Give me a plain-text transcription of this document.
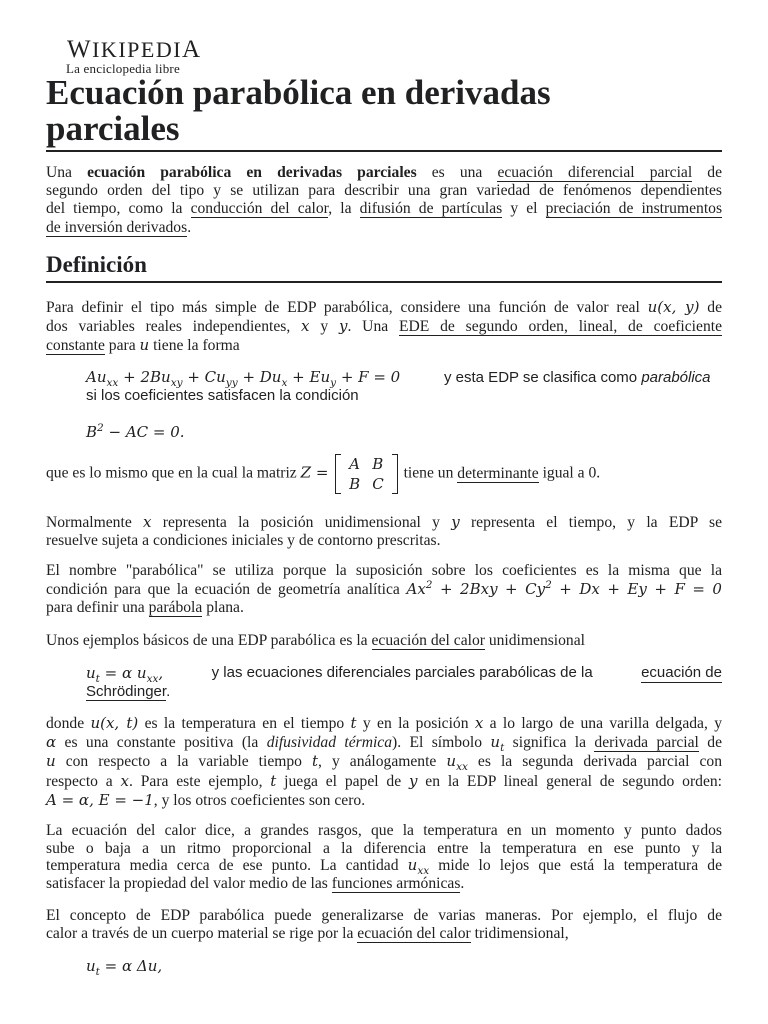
WIKIPEDIA
La enciclopedia libre
Ecuación parabólica en derivadas
parciales
Una ecuación parabólica en derivadas parciales es una ecuación diferencial parcial de
segundo orden del tipo y se utilizan para describir una gran variedad de fenómenos dependientes
del tiempo, como la conducción del calor, la difusión de partículas y el preciación de instrumentos
de inversión derivados.
Definición
Para definir el tipo más simple de EDP parabólica, considere una función de valor real u(x, y) de
dos variables reales independientes, x y y. Una EDE de segundo orden, lineal, de coeficiente
constante para u tiene la forma
$Au_{xx} + 2Bu_{xy} + Cu_{yy} + Du_x + Eu_y + F = 0$	y esta EDP se clasifica como parabólica
si los coeficientes satisfacen la condición
$B^2$ − AC = 0.
que es lo mismo que en la cual la matriz Z = A	B
B	C
tiene un determinante igual a 0.
Normalmente x representa la posición unidimensional y y representa el tiempo, y la EDP se
resuelve sujeta a condiciones iniciales y de contorno prescritas.
El nombre "parabólica" se utiliza porque la suposición sobre los coeficientes es la misma que la
condición para que la ecuación de geometría analítica $Ax^2 + 2Bxy + Cy^2 + Dx + Ey + F = 0$
para definir una parábola plana.
Unos ejemplos básicos de una EDP parabólica es la ecuación del calor unidimensional
$u_t = \alpha$ $u_{xx}$,	y las ecuaciones diferenciales parciales parabólicas de la	ecuación de
Schrödinger.
donde u(x, t) es la temperatura en el tiempo t y en la posición x a lo largo de una varilla delgada, y
α es una constante positiva (la difusividad térmica). El símbolo $u_t$ significa la derivada parcial de
u con respecto a la variable tiempo t, y análogamente $u_{xx}$ es la segunda derivada parcial con
respecto a x. Para este ejemplo, t juega el papel de y en la EDP lineal general de segundo orden:
A = α, E = −1, y los otros coeficientes son cero.
La ecuación del calor dice, a grandes rasgos, que la temperatura en un momento y punto dados
sube o baja a un ritmo proporcional a la diferencia entre la temperatura en ese punto y la
temperatura media cerca de ese punto. La cantidad $u_{xx}$ mide lo lejos que está la temperatura de
satisfacer la propiedad del valor medio de las funciones armónicas.
El concepto de EDP parabólica puede generalizarse de varias maneras. Por ejemplo, el flujo de
calor a través de un cuerpo material se rige por la ecuación del calor tridimensional,
$u_t = \alpha$ Δu,
